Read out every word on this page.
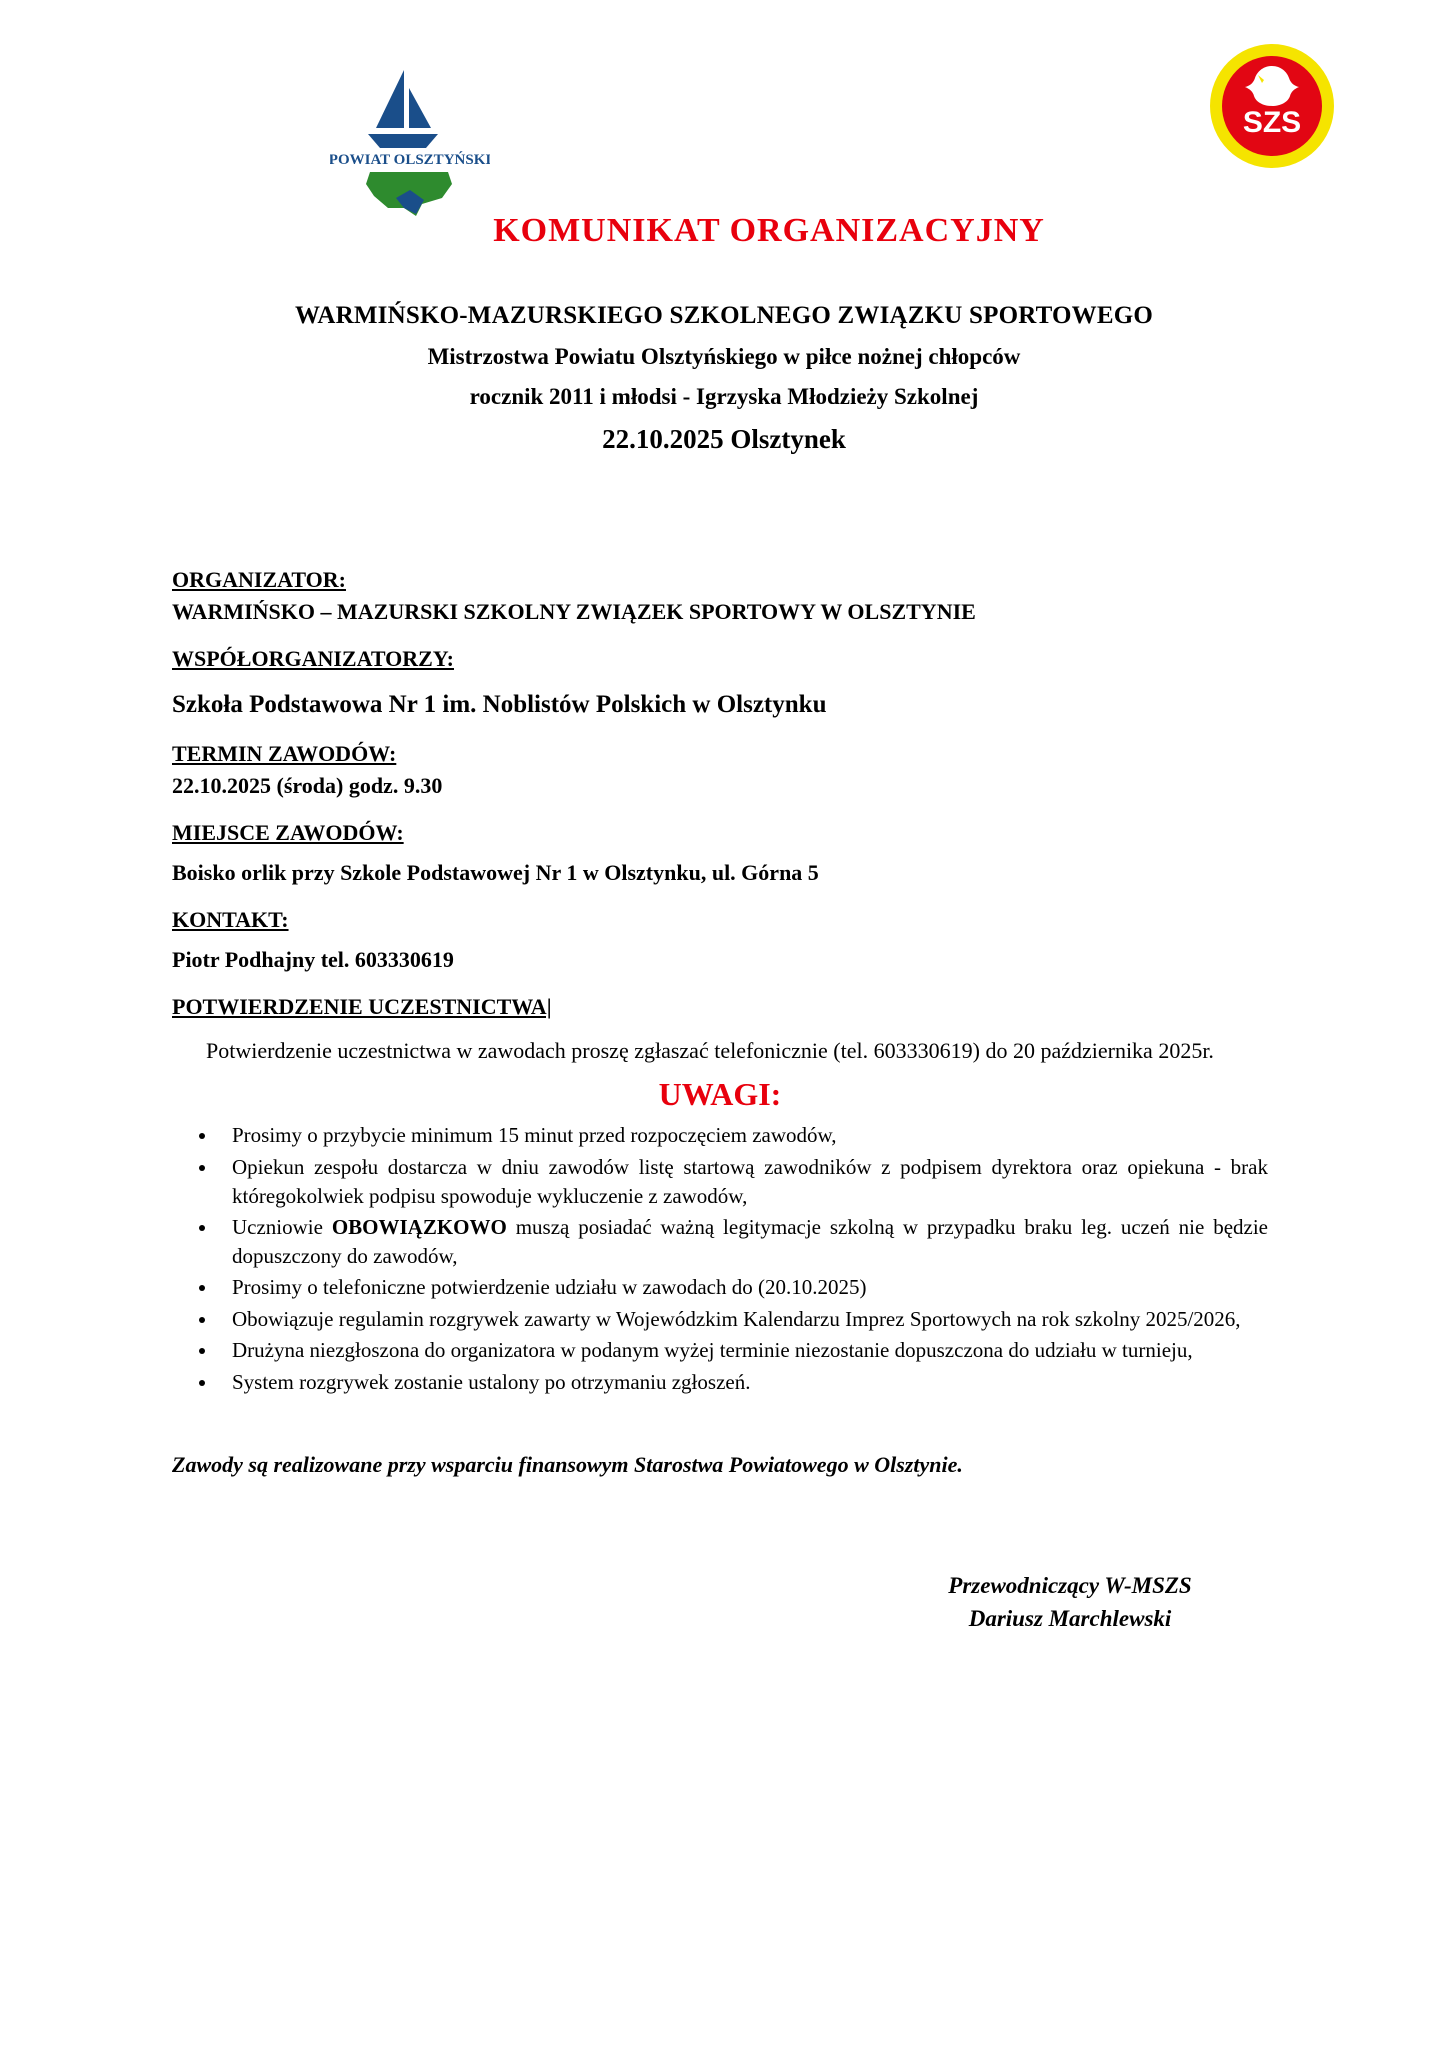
POWIAT OLSZTYŃSKI
SZS
KOMUNIKAT ORGANIZACYJNY
WARMIŃSKO-MAZURSKIEGO SZKOLNEGO ZWIĄZKU SPORTOWEGO
Mistrzostwa Powiatu Olsztyńskiego w piłce nożnej chłopców
rocznik 2011 i młodsi - Igrzyska Młodzieży Szkolnej
22.10.2025 Olsztynek
ORGANIZATOR:
WARMIŃSKO – MAZURSKI SZKOLNY ZWIĄZEK SPORTOWY W OLSZTYNIE
WSPÓŁORGANIZATORZY:
Szkoła Podstawowa Nr 1 im. Noblistów Polskich w Olsztynku
TERMIN ZAWODÓW:
22.10.2025 (środa) godz. 9.30
MIEJSCE ZAWODÓW:
Boisko orlik przy Szkole Podstawowej Nr 1 w Olsztynku, ul. Górna 5
KONTAKT:
Piotr Podhajny tel. 603330619
POTWIERDZENIE UCZESTNICTWA|
Potwierdzenie uczestnictwa w zawodach proszę zgłaszać telefonicznie (tel. 603330619) do 20 października 2025r.
UWAGI:
• Prosimy o przybycie minimum 15 minut przed rozpoczęciem zawodów,
• Opiekun zespołu dostarcza w dniu zawodów listę startową zawodników z podpisem dyrektora oraz opiekuna - brak któregokolwiek podpisu spowoduje wykluczenie z zawodów,
• Uczniowie OBOWIĄZKOWO muszą posiadać ważną legitymacje szkolną w przypadku braku leg. uczeń nie będzie dopuszczony do zawodów,
• Prosimy o telefoniczne potwierdzenie udziału w zawodach do (20.10.2025)
• Obowiązuje regulamin rozgrywek zawarty w Wojewódzkim Kalendarzu Imprez Sportowych na rok szkolny 2025/2026,
• Drużyna niezgłoszona do organizatora w podanym wyżej terminie niezostanie dopuszczona do udziału w turnieju,
• System rozgrywek zostanie ustalony po otrzymaniu zgłoszeń.
Zawody są realizowane przy wsparciu finansowym Starostwa Powiatowego w Olsztynie.
Przewodniczący W-MSZS
Dariusz Marchlewski
